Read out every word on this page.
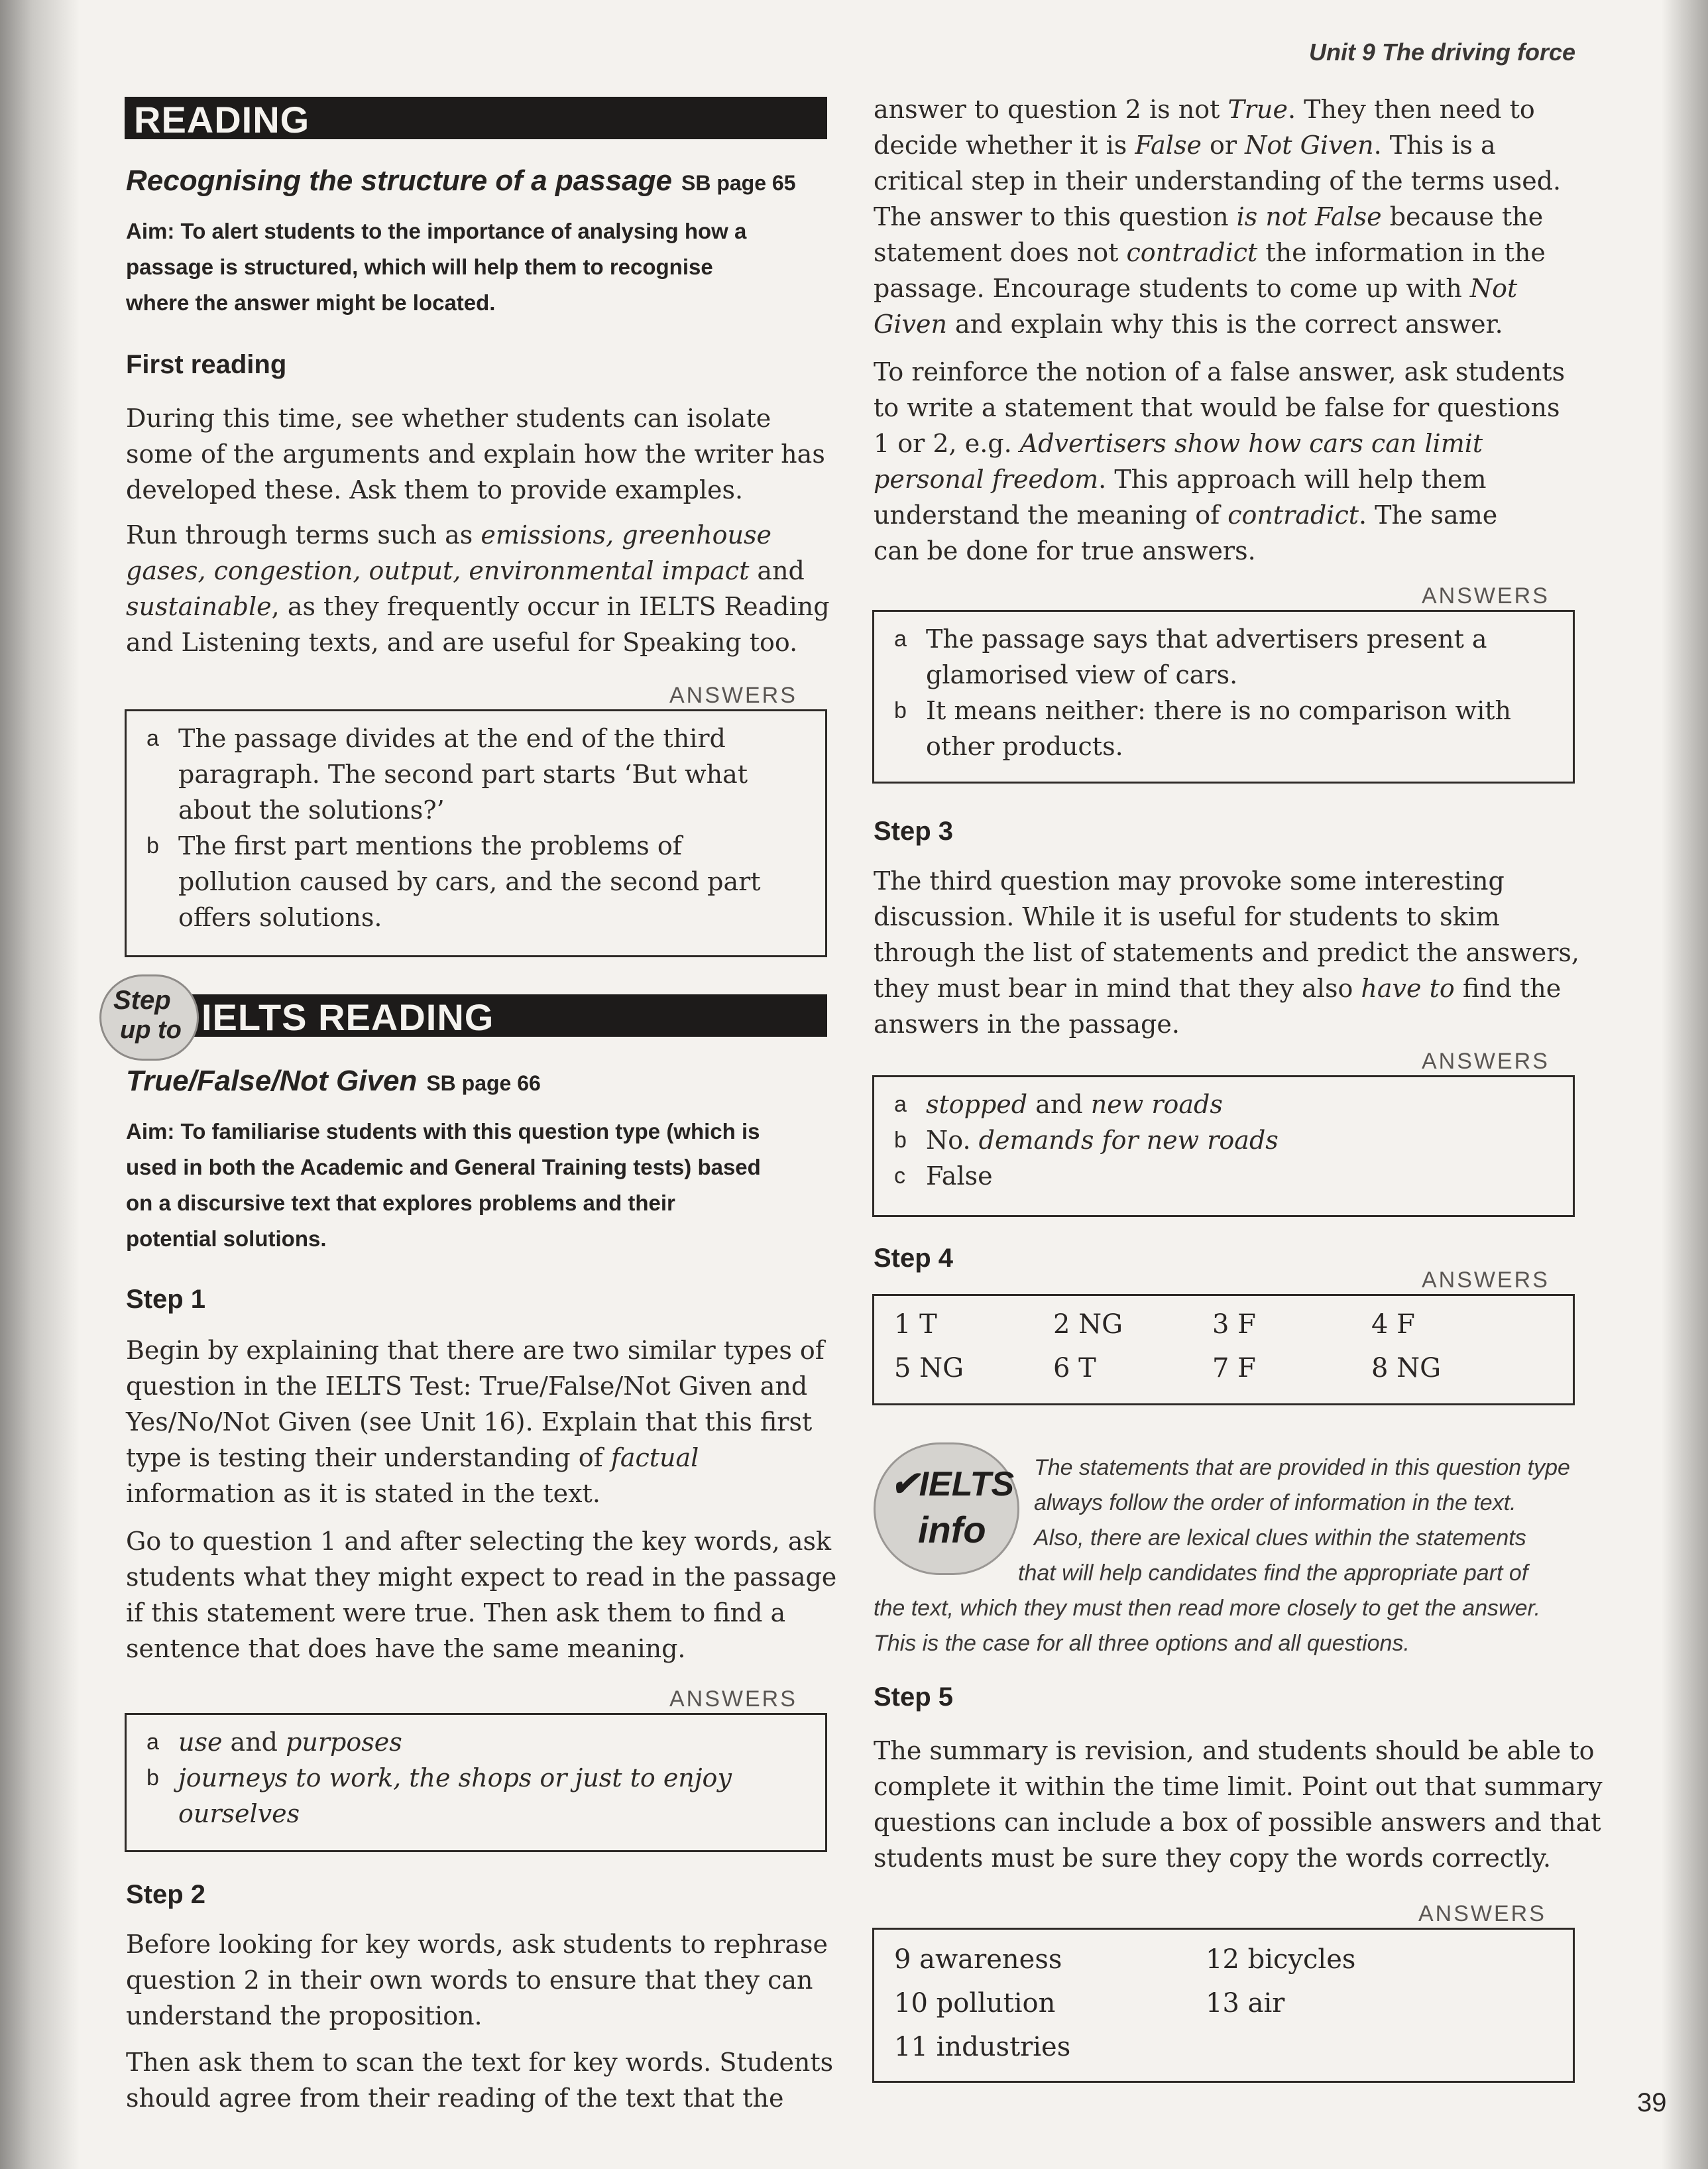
Unit 9 The driving force
READING
Recognising the structure of a passage SB page 65
Aim: To alert students to the importance of analysing how a
passage is structured, which will help them to recognise
where the answer might be located.
First reading
During this time, see whether students can isolate
some of the arguments and explain how the writer has
developed these. Ask them to provide examples.
Run through terms such as emissions, greenhouse
gases, congestion, output, environmental impact and
sustainable, as they frequently occur in IELTS Reading
and Listening texts, and are useful for Speaking too.
ANSWERS
a The passage divides at the end of the third
paragraph. The second part starts ‘But what
about the solutions?’
b The first part mentions the problems of
pollution caused by cars, and the second part
offers solutions.
IELTS READING
Step
up to
True/False/Not Given SB page 66
Aim: To familiarise students with this question type (which is
used in both the Academic and General Training tests) based
on a discursive text that explores problems and their
potential solutions.
Step 1
Begin by explaining that there are two similar types of
question in the IELTS Test: True/False/Not Given and
Yes/No/Not Given (see Unit 16). Explain that this first
type is testing their understanding of factual
information as it is stated in the text.
Go to question 1 and after selecting the key words, ask
students what they might expect to read in the passage
if this statement were true. Then ask them to find a
sentence that does have the same meaning.
ANSWERS
a use and purposes
b journeys to work, the shops or just to enjoy
ourselves
Step 2
Before looking for key words, ask students to rephrase
question 2 in their own words to ensure that they can
understand the proposition.
Then ask them to scan the text for key words. Students
should agree from their reading of the text that the
answer to question 2 is not True. They then need to
decide whether it is False or Not Given. This is a
critical step in their understanding of the terms used.
The answer to this question is not False because the
statement does not contradict the information in the
passage. Encourage students to come up with Not
Given and explain why this is the correct answer.
To reinforce the notion of a false answer, ask students
to write a statement that would be false for questions
1 or 2, e.g. Advertisers show how cars can limit
personal freedom. This approach will help them
understand the meaning of contradict. The same
can be done for true answers.
ANSWERS
a The passage says that advertisers present a
glamorised view of cars.
b It means neither: there is no comparison with
other products.
Step 3
The third question may provoke some interesting
discussion. While it is useful for students to skim
through the list of statements and predict the answers,
they must bear in mind that they also have to find the
answers in the passage.
ANSWERS
a stopped and new roads
b No. demands for new roads
c False
Step 4
ANSWERS
1 T	2 NG	3 F	4 F
5 NG	6 T	7 F	8 NG
✔IELTS
info
The statements that are provided in this question type
always follow the order of information in the text.
Also, there are lexical clues within the statements
that will help candidates find the appropriate part of
the text, which they must then read more closely to get the answer.
This is the case for all three options and all questions.
Step 5
The summary is revision, and students should be able to
complete it within the time limit. Point out that summary
questions can include a box of possible answers and that
students must be sure they copy the words correctly.
ANSWERS
9 awareness	12 bicycles
10 pollution	13 air
11 industries
39
